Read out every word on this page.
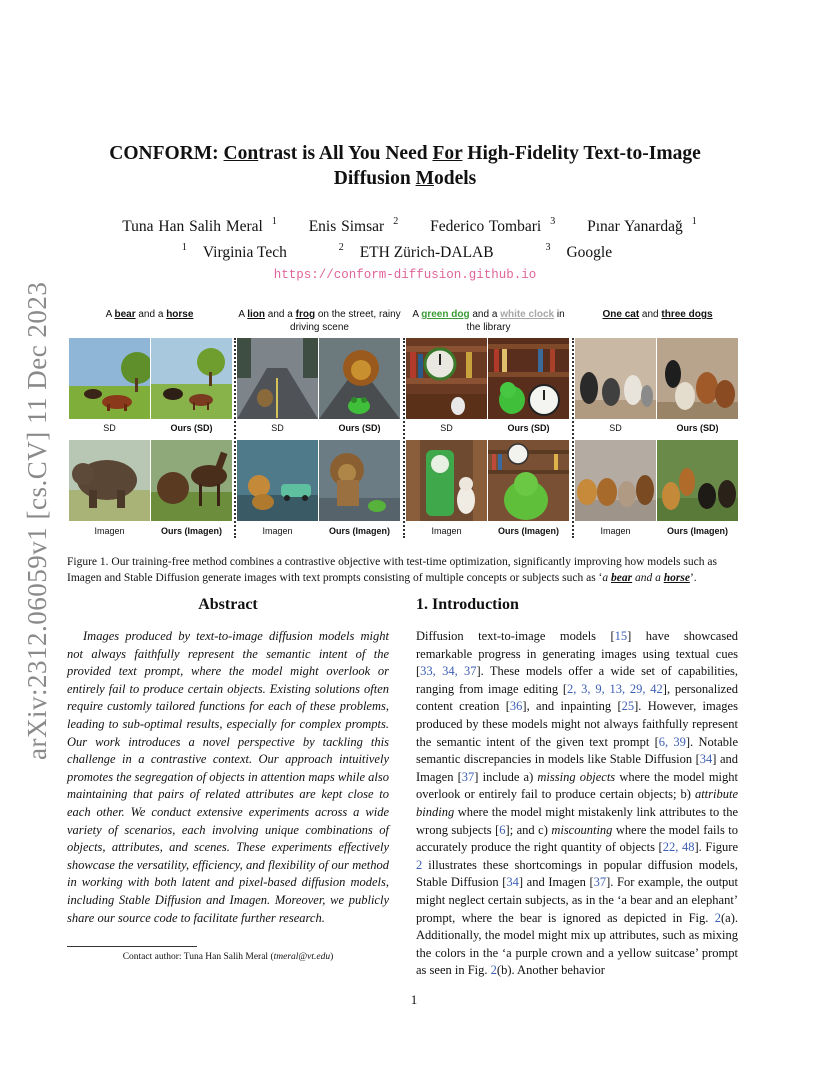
arXiv:2312.06059v1 [cs.CV] 11 Dec 2023
CONFORM: Contrast is All You Need For High-Fidelity Text-to-Image Diffusion Models
Tuna Han Salih Meral $^1$ Enis Simsar $^2$ Federico Tombari $^3$ Pınar Yanardağ $^1$
$^1$ Virginia Tech	$^2$ ETH Zürich-DALAB	$^3$ Google
https://conform-diffusion.github.io
A bear and a horse
SD	Ours (SD)
Imagen	Ours (Imagen)
A lion and a frog on the street, rainy driving scene
SD	Ours (SD)
Imagen	Ours (Imagen)
A green dog and a white clock in the library
SD	Ours (SD)
Imagen	Ours (Imagen)
One cat and three dogs
SD	Ours (SD)
Imagen	Ours (Imagen)
Figure 1. Our training-free method combines a contrastive objective with test-time optimization, significantly improving how models such as Imagen and Stable Diffusion generate images with text prompts consisting of multiple concepts or subjects such as ‘a bear and a horse’.
Abstract
Images produced by text-to-image diffusion models might not always faithfully represent the semantic intent of the provided text prompt, where the model might overlook or entirely fail to produce certain objects. Existing solutions often require customly tailored functions for each of these problems, leading to sub-optimal results, especially for complex prompts. Our work introduces a novel perspective by tackling this challenge in a contrastive context. Our approach intuitively promotes the segregation of objects in attention maps while also maintaining that pairs of related attributes are kept close to each other. We conduct extensive experiments across a wide variety of scenarios, each involving unique combinations of objects, attributes, and scenes. These experiments effectively showcase the versatility, efficiency, and flexibility of our method in working with both latent and pixel-based diffusion models, including Stable Diffusion and Imagen. Moreover, we publicly share our source code to facilitate further research.
1. Introduction
Diffusion text-to-image models [15] have showcased remarkable progress in generating images using textual cues [33, 34, 37]. These models offer a wide set of capabilities, ranging from image editing [2, 3, 9, 13, 29, 42], personalized content creation [36], and inpainting [25]. However, images produced by these models might not always faithfully represent the semantic intent of the given text prompt [6, 39]. Notable semantic discrepancies in models like Stable Diffusion [34] and Imagen [37] include a) missing objects where the model might overlook or entirely fail to produce certain objects; b) attribute binding where the model might mistakenly link attributes to the wrong subjects [6]; and c) miscounting where the model fails to accurately produce the right quantity of objects [22, 48]. Figure 2 illustrates these shortcomings in popular diffusion models, Stable Diffusion [34] and Imagen [37]. For example, the output might neglect certain subjects, as in the ‘a bear and an elephant’ prompt, where the bear is ignored as depicted in Fig. 2(a). Additionally, the model might mix up attributes, such as mixing the colors in the ‘a purple crown and a yellow suitcase’ prompt as seen in Fig. 2(b). Another behavior
Contact author: Tuna Han Salih Meral (tmeral@vt.edu)
1
